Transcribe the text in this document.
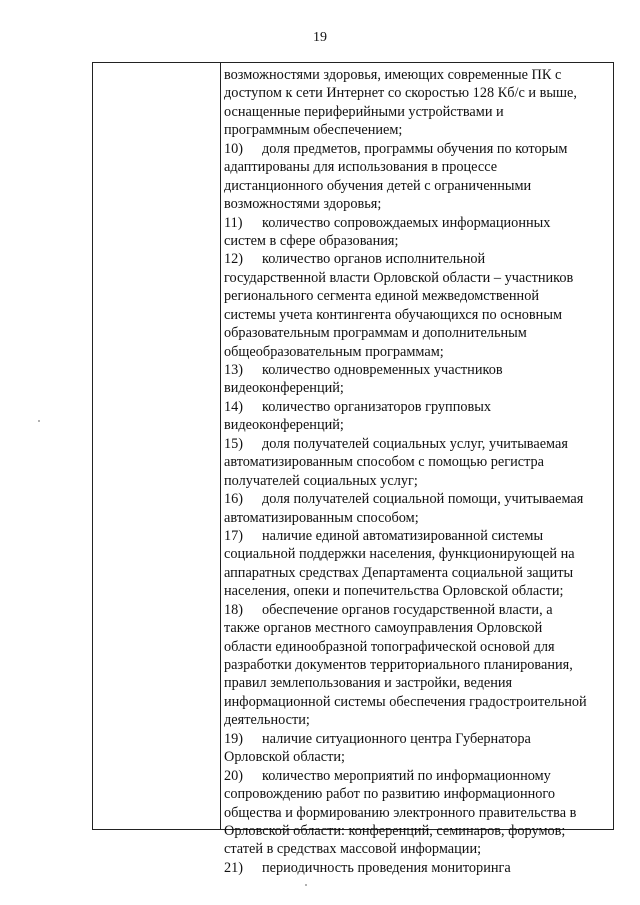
19
возможностями здоровья, имеющих современные ПК с
доступом к сети Интернет со скоростью 128 Кб/с и выше,
оснащенные периферийными устройствами и
программным обеспечением;
10) доля предметов, программы обучения по которым
адаптированы для использования в процессе
дистанционного обучения детей с ограниченными
возможностями здоровья;
11) количество сопровождаемых информационных
систем в сфере образования;
12) количество органов исполнительной
государственной власти Орловской области – участников
регионального сегмента единой межведомственной
системы учета контингента обучающихся по основным
образовательным программам и дополнительным
общеобразовательным программам;
13) количество одновременных участников
видеоконференций;
14) количество организаторов групповых
видеоконференций;
15) доля получателей социальных услуг, учитываемая
автоматизированным способом с помощью регистра
получателей социальных услуг;
16) доля получателей социальной помощи, учитываемая
автоматизированным способом;
17) наличие единой автоматизированной системы
социальной поддержки населения, функционирующей на
аппаратных средствах Департамента социальной защиты
населения, опеки и попечительства Орловской области;
18) обеспечение органов государственной власти, а
также органов местного самоуправления Орловской
области единообразной топографической основой для
разработки документов территориального планирования,
правил землепользования и застройки, ведения
информационной системы обеспечения градостроительной
деятельности;
19) наличие ситуационного центра Губернатора
Орловской области;
20) количество мероприятий по информационному
сопровождению работ по развитию информационного
общества и формированию электронного правительства в
Орловской области: конференций, семинаров, форумов;
статей в средствах массовой информации;
21) периодичность проведения мониторинга
